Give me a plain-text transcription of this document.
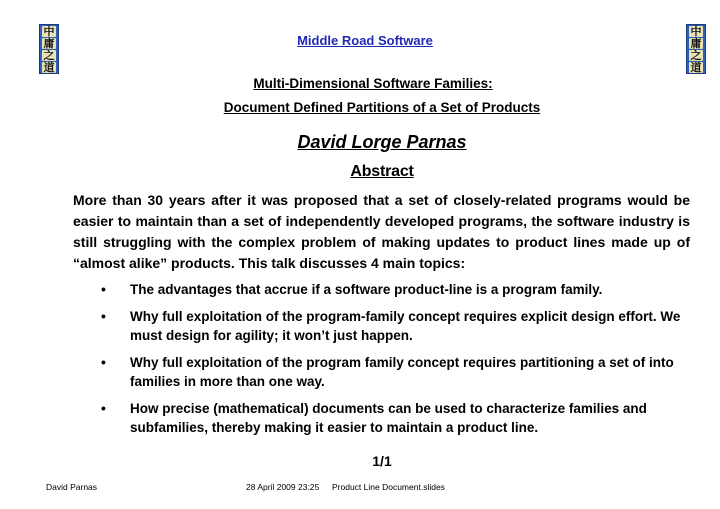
中
庸
之
道
中
庸
之
道
Middle Road Software
Multi-Dimensional Software Families:
Document Defined Partitions of a Set of Products
David Lorge Parnas
Abstract
More than 30 years after it was proposed that a set of closely-related programs would be easier to maintain than a set of independently developed programs, the software industry is still struggling with the complex problem of making updates to product lines made up of “almost alike” products. This talk discusses 4 main topics:
• The advantages that accrue if a software product-line is a program family.
• Why full exploitation of the program-family concept requires explicit design effort. We must design for agility; it won’t just happen.
• Why full exploitation of the program family concept requires partitioning a set of into families in more than one way.
• How precise (mathematical) documents can be used to characterize families and subfamilies, thereby making it easier to maintain a product line.
1/1
David Parnas	28 April 2009 23:25 Product Line Document.slides
